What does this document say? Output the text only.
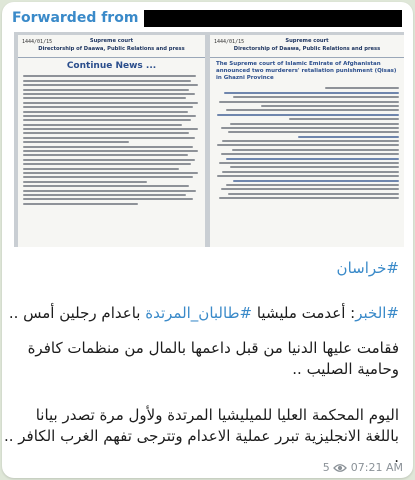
Forwarded from
1444/01/15	Supreme court
Directorship of Daawa, Public Relations and press
Continue News ...
1444/01/15	Supreme court
Directorship of Daawa, Public Relations and press
The Supreme court of Islamic Emirate of Afghanistan announced two murderers' retaliation punishment (Qisas) in Ghazni Province
#خراسان
#الخبر: أعدمت مليشيا #طالبان_المرتدة باعدام رجلين أمس ..
فقامت عليها الدنيا من قبل داعمها بالمال من منظمات كافرة
وحامية الصليب ..
اليوم المحكمة العليا للميليشيا المرتدة ولأول مرة تصدر بيانا
باللغة الانجليزية تبرر عملية الاعدام وتترجى تفهم الغرب الكافر ..
.
5 07:21 AM
